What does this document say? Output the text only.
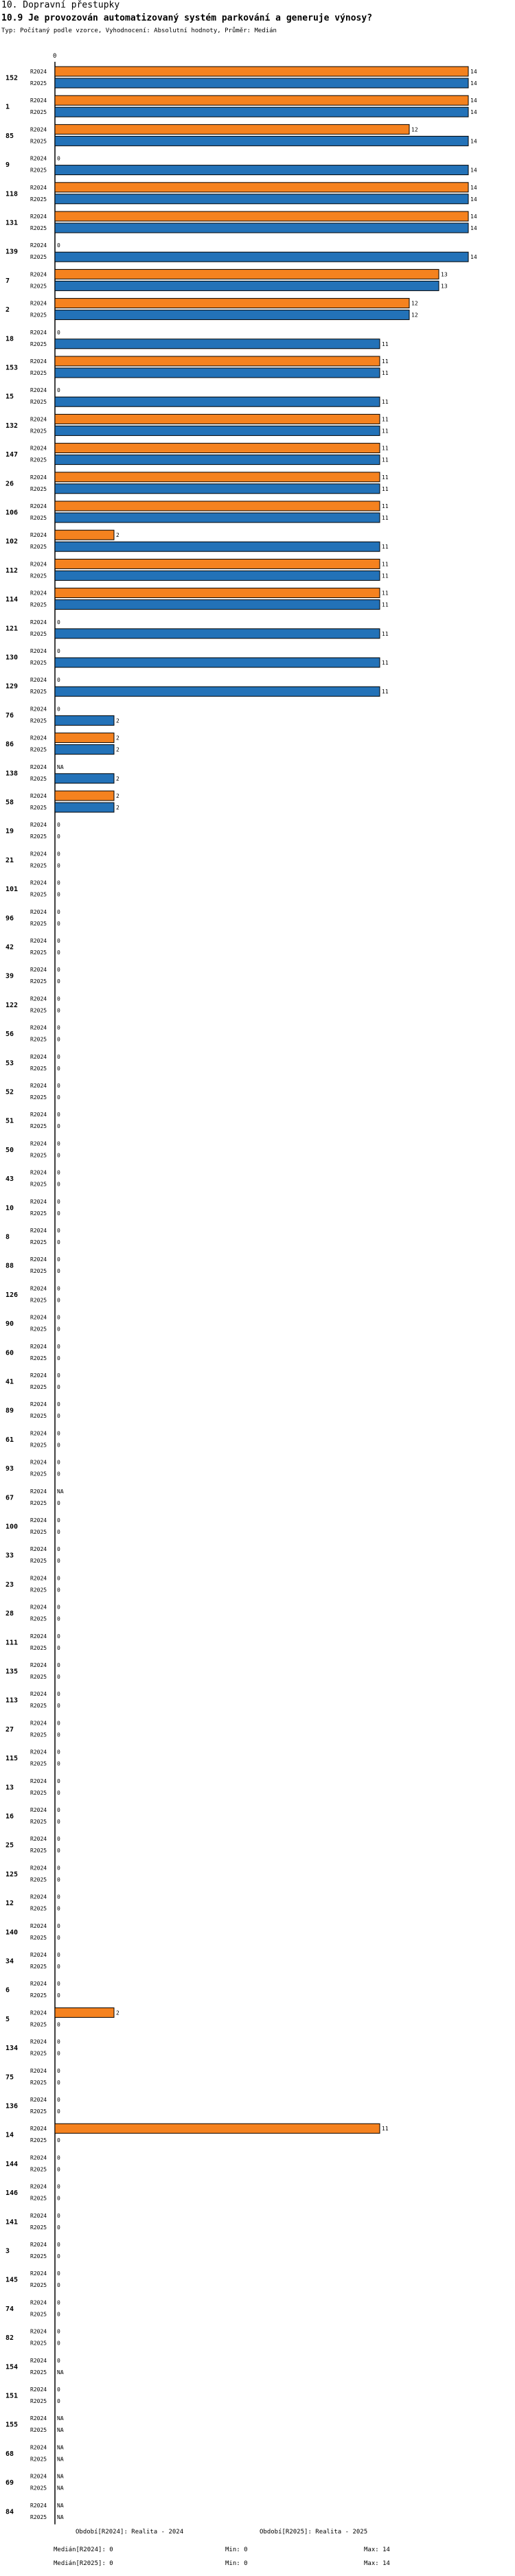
10. Dopravní přestupky
10.9 Je provozován automatizovaný systém parkování a generuje výnosy?
Typ: Počítaný podle vzorce, Vyhodnocení: Absolutní hodnoty, Průměr: Medián
0
152
R2024	14
R2025	14
1
R2024	14
R2025	14
85
R2024	12
R2025	14
9
R2024 0
R2025	14
118
R2024	14
R2025	14
131
R2024	14
R2025	14
139
R2024 0
R2025	14
7
R2024	13
R2025	13
2
R2024	12
R2025	12
18
R2024 0
R2025	11
153
R2024	11
R2025	11
15
R2024 0
R2025	11
132
R2024	11
R2025	11
147
R2024	11
R2025	11
26
R2024	11
R2025	11
106
R2024	11
R2025	11
102
R2024	2
R2025	11
112
R2024	11
R2025	11
114
R2024	11
R2025	11
121
R2024 0
R2025	11
130
R2024 0
R2025	11
129
R2024 0
R2025	11
76
R2024 0
R2025	2
86
R2024	2
R2025	2
138
R2024 NA
R2025	2
58
R2024	2
R2025	2
19
R2024 0
R2025 0
21
R2024 0
R2025 0
101
R2024 0
R2025 0
96
R2024 0
R2025 0
42
R2024 0
R2025 0
39
R2024 0
R2025 0
122
R2024 0
R2025 0
56
R2024 0
R2025 0
53
R2024 0
R2025 0
52
R2024 0
R2025 0
51
R2024 0
R2025 0
50
R2024 0
R2025 0
43
R2024 0
R2025 0
10
R2024 0
R2025 0
8
R2024 0
R2025 0
88
R2024 0
R2025 0
126
R2024 0
R2025 0
90
R2024 0
R2025 0
60
R2024 0
R2025 0
41
R2024 0
R2025 0
89
R2024 0
R2025 0
61
R2024 0
R2025 0
93
R2024 0
R2025 0
67
R2024 NA
R2025 0
100
R2024 0
R2025 0
33
R2024 0
R2025 0
23
R2024 0
R2025 0
28
R2024 0
R2025 0
111
R2024 0
R2025 0
135
R2024 0
R2025 0
113
R2024 0
R2025 0
27
R2024 0
R2025 0
115
R2024 0
R2025 0
13
R2024 0
R2025 0
16
R2024 0
R2025 0
25
R2024 0
R2025 0
125
R2024 0
R2025 0
12
R2024 0
R2025 0
140
R2024 0
R2025 0
34
R2024 0
R2025 0
6
R2024 0
R2025 0
5
R2024	2
R2025 0
134
R2024 0
R2025 0
75
R2024 0
R2025 0
136
R2024 0
R2025 0
14
R2024	11
R2025 0
144
R2024 0
R2025 0
146
R2024 0
R2025 0
141
R2024 0
R2025 0
3
R2024 0
R2025 0
145
R2024 0
R2025 0
74
R2024 0
R2025 0
82
R2024 0
R2025 0
154
R2024 0
R2025 NA
151
R2024 0
R2025 0
155
R2024 NA
R2025 NA
68
R2024 NA
R2025 NA
69
R2024 NA
R2025 NA
84
R2024 NA
R2025 NA
Období[R2024]: Realita - 2024	Období[R2025]: Realita - 2025
Medián[R2024]: 0	Min: 0	Max: 14
Medián[R2025]: 0	Min: 0	Max: 14
